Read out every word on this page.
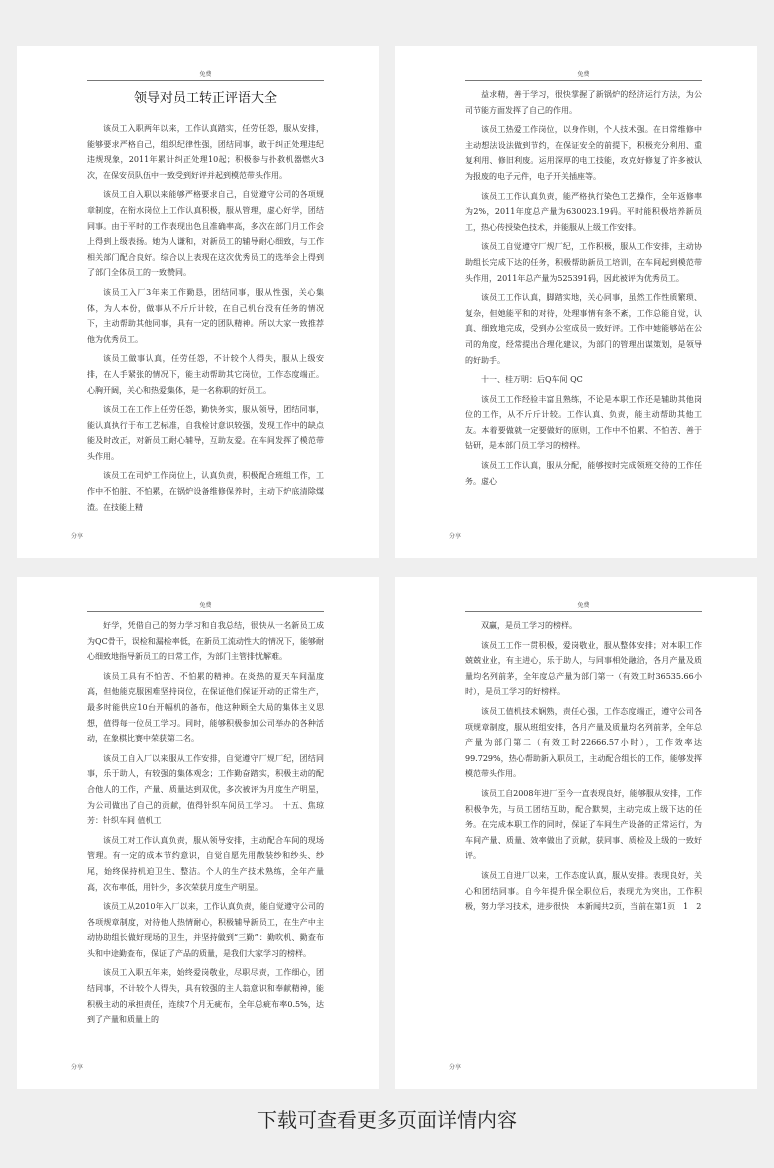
免费
领导对员工转正评语大全

该员工入职两年以来，工作认真踏实，任劳任怨，服从安排，能够要求严格自己，组织纪律性强，团结同事，敢于纠正处理违纪违规现象，2011年累计纠正处理10起；积极参与扑救机器燃火3次，在保安员队伍中一致受到好评并起到模范带头作用。

该员工自入职以来能够严格要求自己，自觉遵守公司的各项规章制度，在衔水岗位上工作认真积极，服从管理，虚心好学，团结同事。由于平时的工作表现出色且准确率高，多次在部门月工作会上得到上级表扬。她为人谦和，对新员工的辅导耐心细致，与工作相关部门配合良好。综合以上表现在这次优秀员工的选举会上得到了部门全体员工的一致赞同。

该员工入厂3年来工作勤恳，团结同事，服从性强，关心集体，为人本份，做事从不斤斤计较，在自己机台没有任务的情况下，主动帮助其他同事，具有一定的团队精神。所以大家一致推荐他为优秀员工。

该员工做事认真，任劳任怨，不计较个人得失，服从上级安排，在人手紧张的情况下，能主动帮助其它岗位，工作态度端正。心胸开阔，关心和热爱集体，是一名称职的好员工。

该员工在工作上任劳任怨，勤快务实，服从领导，团结同事，能认真执行于布工艺标准，自我检讨意识较强，发现工作中的缺点能及时改正，对新员工耐心辅导，互助友爱。在车间发挥了模范带头作用。

该员工在司炉工作岗位上，认真负责，积极配合班组工作，工作中不怕脏、不怕累，在锅炉设备维修保养时，主动下炉底清除煤渣。在技能上精

分享
免费

益求精，善于学习，很快掌握了新锅炉的经济运行方法，为公司节能方面发挥了自己的作用。

该员工热爱工作岗位，以身作则，个人技术强。在日常维修中主动想法设法做到节约，在保证安全的前提下，积极充分利用、重复利用、修旧利废。运用深厚的电工技能，攻克好修复了许多被认为报废的电子元件，电子开关插座等。

该员工工作认真负责，能严格执行染色工艺操作，全年返修率为2%，2011年度总产量为630023.19码。平时能积极培养新员工，热心传授染色技术，并能服从上级工作安排。

该员工自觉遵守厂规厂纪，工作积极，服从工作安排，主动协助组长完成下达的任务，积极帮助新员工培训，在车间起到模范带头作用，2011年总产量为525391码，因此被评为优秀员工。

该员工工作认真，脚踏实地，关心同事，虽然工作性质繁琐、复杂，但她能平和的对待，处理事情有条不紊，工作总能自觉，认真、细致地完成，受到办公室成员一致好评。工作中她能够站在公司的角度，经常提出合理化建议，为部门的管理出谋策划，是领导的好助手。

十一、桂万明：后Q车间 QC

该员工工作经验丰富且熟练，不论是本职工作还是辅助其他岗位的工作，从不斤斤计较。工作认真、负责，能主动帮助其他工友。本着要做就一定要做好的原则，工作中不怕累、不怕苦、善于钻研，是本部门员工学习的榜样。

该员工工作认真，服从分配，能够按时完成领班交待的工作任务。虚心

分享
免费

好学，凭借自己的努力学习和自我总结，很快从一名新员工成为QC骨干，误检和漏检率低，在新员工流动性大的情况下，能够耐心细致地指导新员工的日常工作，为部门主管排忧解难。

该员工具有不怕苦、不怕累的精神。在炎热的夏天车间温度高，但他能克服困难坚持岗位，在保证他们保证开动的正常生产，最多时能供应10台开幅机的备布，他这种顾全大局的集体主义思想，值得每一位员工学习。同时，能够积极参加公司举办的各种活动，在象棋比赛中荣获第二名。

该员工自入厂以来服从工作安排，自觉遵守厂规厂纪，团结同事，乐于助人，有较强的集体观念；工作勤奋踏实，积极主动的配合他人的工作，产量、质量达到双优，多次被评为月度生产明星，为公司做出了自己的贡献，值得针织车间员工学习。　十五、焦琼芳：针织车间 值机工

该员工对工作认真负责，服从领导安排，主动配合车间的现场管理。有一定的成本节约意识，自觉自愿先用散装纱和纱头、纱尾，始终保持机迫卫生、整洁。个人的生产技术熟练，全年产量高，次布率低，用针少，多次荣获月度生产明星。

该员工从2010年入厂以来，工作认真负责，能自觉遵守公司的各项规章制度，对待他人热情耐心，积极辅导新员工，在生产中主动协助组长做好现场的卫生，并坚持做到“三勤”：勤吹机、勤查布头和中途勤查布，保证了产品的质量，是我们大家学习的榜样。

该员工入职五年来，始终爱岗敬业，尽职尽责，工作细心，团结同事，不计较个人得失，具有较强的主人翁意识和奉献精神，能积极主动的承担责任，连续7个月无疵布，全年总疵布率0.5%，达到了产量和质量上的

分享
免费

双赢，是员工学习的榜样。

该员工工作一贯积极，爱岗敬业，服从整体安排；对本职工作兢兢业业，有主进心，乐于助人，与同事相处融洽，各月产量及质量均名列前茅，全年度总产量为部门第一（有效工时36535.66小时），是员工学习的好榜样。

该员工值机技术娴熟，责任心强，工作态度端正，遵守公司各项规章制度，服从班组安排，各月产量及质量均名列前茅，全年总产量为部门第二（有效工时22666.57小时），工作效率达99.729%，热心帮助新入职员工，主动配合组长的工作，能够发挥模范带头作用。

该员工自2008年进厂至今一直表现良好，能够服从安排，工作积极争先，与员工团结互助，配合默契，主动完成上级下达的任务。在完成本职工作的同时，保证了车间生产设备的正常运行，为车间产量、质量、效率做出了贡献，获同事、质检及上级的一致好评。

该员工自进厂以来，工作态度认真，服从安排。表现良好，关心和团结同事。自今年提升保全职位后，表现尤为突出，工作积极，努力学习技术，进步很快　本新闻共2页，当前在第1页　1　2

分享
下载可查看更多页面详情内容
